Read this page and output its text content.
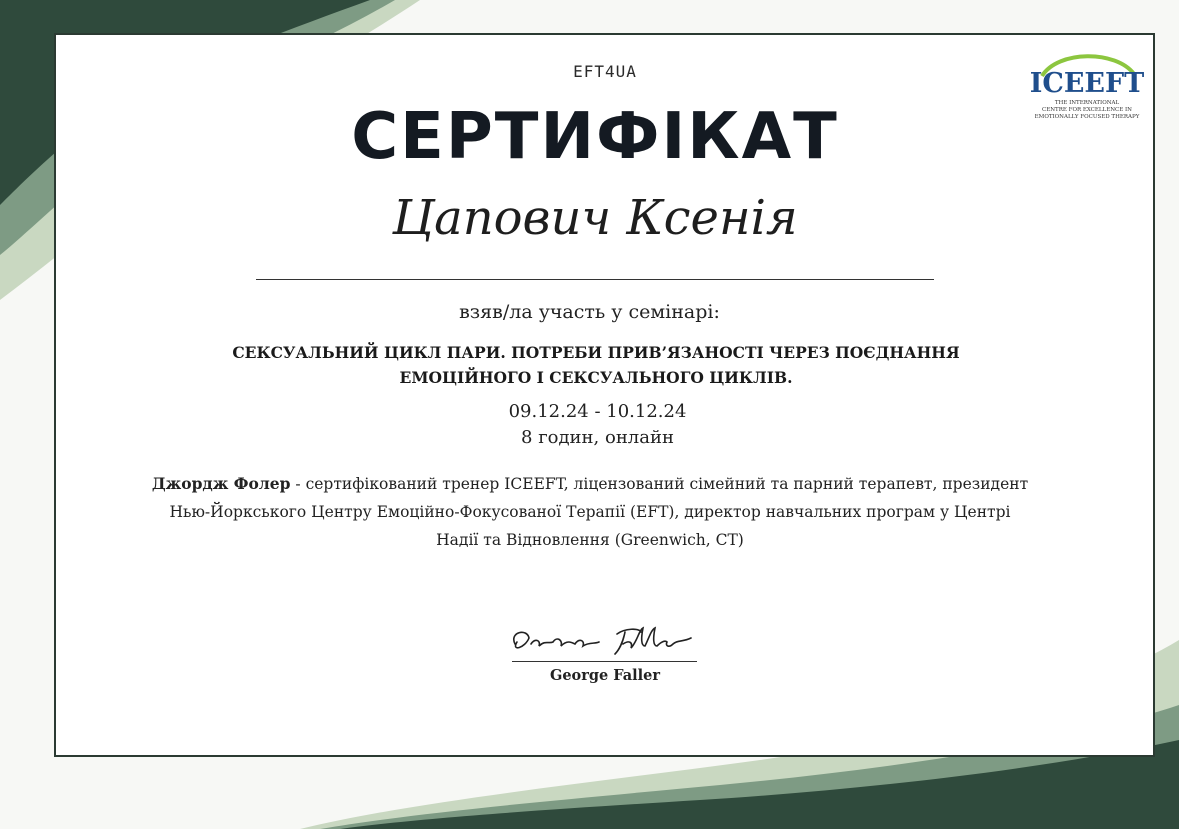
ICEEFT
THE INTERNATIONAL
CENTRE FOR EXCELLENCE IN
EMOTIONALLY FOCUSED THERAPY
EFT4UA
СЕРТИФІКАТ
Цапович Ксенія
взяв/ла участь у семінарі:
СЕКСУАЛЬНИЙ ЦИКЛ ПАРИ. ПОТРЕБИ ПРИВ’ЯЗАНОСТІ ЧЕРЕЗ ПОЄДНАННЯ ЕМОЦІЙНОГО І СЕКСУАЛЬНОГО ЦИКЛІВ.
09.12.24 - 10.12.24
8 годин, онлайн
Джордж Фолер - сертифікований тренер ICEEFT, ліцензований сімейний та парний терапевт, президент Нью-Йоркського Центру Емоційно-Фокусованої Терапії (EFT), директор навчальних програм у Центрі Надії та Відновлення (Greenwich, CT)
George Faller
